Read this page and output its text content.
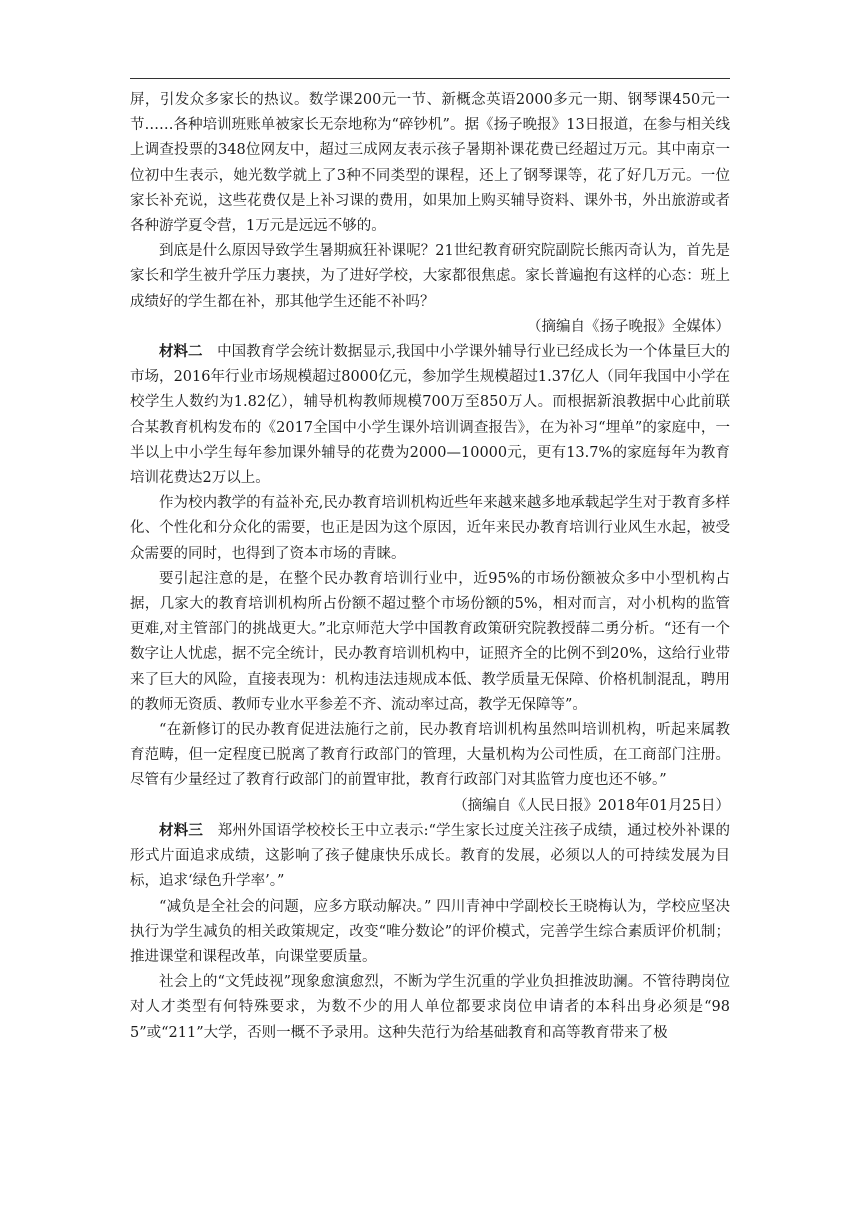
屏，引发众多家长的热议。数学课200元一节、新概念英语2000多元一期、钢琴课450元一节……各种培训班账单被家长无奈地称为“碎钞机”。据《扬子晚报》13日报道，在参与相关线上调查投票的348位网友中，超过三成网友表示孩子暑期补课花费已经超过万元。其中南京一位初中生表示，她光数学就上了3种不同类型的课程，还上了钢琴课等，花了好几万元。一位家长补充说，这些花费仅是上补习课的费用，如果加上购买辅导资料、课外书，外出旅游或者各种游学夏令营，1万元是远远不够的。

到底是什么原因导致学生暑期疯狂补课呢？21世纪教育研究院副院长熊丙奇认为，首先是家长和学生被升学压力裹挟，为了进好学校，大家都很焦虑。家长普遍抱有这样的心态：班上成绩好的学生都在补，那其他学生还能不补吗？

（摘编自《扬子晚报》全媒体）

材料二　中国教育学会统计数据显示,我国中小学课外辅导行业已经成长为一个体量巨大的市场，2016年行业市场规模超过8000亿元，参加学生规模超过1.37亿人（同年我国中小学在校学生人数约为1.82亿），辅导机构教师规模700万至850万人。而根据新浪教据中心此前联合某教育机构发布的《2017全国中小学生课外培训调查报告》，在为补习“埋单”的家庭中，一半以上中小学生每年参加课外辅导的花费为2000—10000元，更有13.7%的家庭每年为教育培训花费达2万以上。

作为校内教学的有益补充,民办教育培训机构近些年来越来越多地承载起学生对于教育多样化、个性化和分众化的需要，也正是因为这个原因，近年来民办教育培训行业风生水起，被受众需要的同时，也得到了资本市场的青睐。

要引起注意的是，在整个民办教育培训行业中，近95%的市场份额被众多中小型机构占据，几家大的教育培训机构所占份额不超过整个市场份额的5%，相对而言，对小机构的监管更难,对主管部门的挑战更大。”北京师范大学中国教育政策研究院教授薛二勇分析。“还有一个数字让人忧虑，据不完全统计，民办教育培训机构中，证照齐全的比例不到20%，这给行业带来了巨大的风险，直接表现为：机构违法违规成本低、教学质量无保障、价格机制混乱，聘用的教师无资质、教师专业水平参差不齐、流动率过高，教学无保障等”。

“在新修订的民办教育促进法施行之前，民办教育培训机构虽然叫培训机构，听起来属教育范畴，但一定程度已脱离了教育行政部门的管理，大量机构为公司性质，在工商部门注册。尽管有少量经过了教育行政部门的前置审批，教育行政部门对其监管力度也还不够。”

（摘编自《人民日报》2018年01月25日）

材料三　郑州外国语学校校长王中立表示:“学生家长过度关注孩子成绩，通过校外补课的形式片面追求成绩，这影响了孩子健康快乐成长。教育的发展，必须以人的可持续发展为目标，追求‘绿色升学率’。”

“减负是全社会的问题，应多方联动解决。” 四川青神中学副校长王晓梅认为，学校应坚决执行为学生减负的相关政策规定，改变“唯分数论”的评价模式，完善学生综合素质评价机制；推进课堂和课程改革，向课堂要质量。

社会上的“文凭歧视”现象愈演愈烈，不断为学生沉重的学业负担推波助澜。不管待聘岗位对人才类型有何特殊要求，为数不少的用人单位都要求岗位申请者的本科出身必须是“985”或“211”大学，否则一概不予录用。这种失范行为给基础教育和高等教育带来了极
